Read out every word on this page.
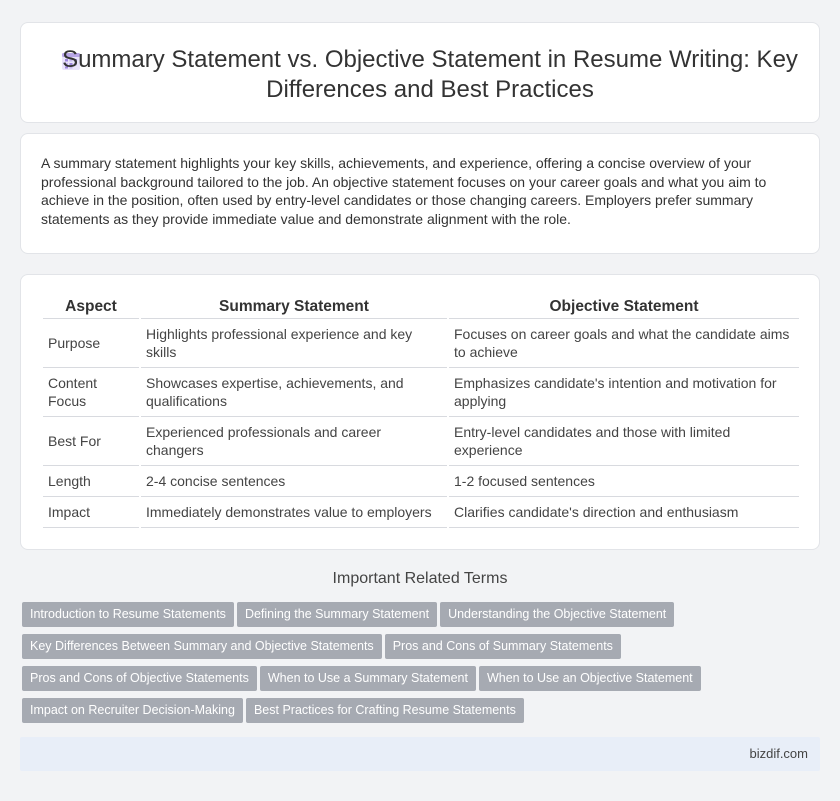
Summary Statement vs. Objective Statement in Resume Writing: Key Differences and Best Practices

A summary statement highlights your key skills, achievements, and experience, offering a concise overview of your professional background tailored to the job. An objective statement focuses on your career goals and what you aim to achieve in the position, often used by entry-level candidates or those changing careers. Employers prefer summary statements as they provide immediate value and demonstrate alignment with the role.

Aspect	Summary Statement	Objective Statement
Purpose	Highlights professional experience and key skills	Focuses on career goals and what the candidate aims to achieve
Content Focus	Showcases expertise, achievements, and qualifications	Emphasizes candidate's intention and motivation for applying
Best For	Experienced professionals and career changers	Entry-level candidates and those with limited experience
Length	2-4 concise sentences	1-2 focused sentences
Impact	Immediately demonstrates value to employers	Clarifies candidate's direction and enthusiasm
Important Related Terms
Introduction to Resume Statements Defining the Summary Statement Understanding the Objective Statement
Key Differences Between Summary and Objective Statements Pros and Cons of Summary Statements
Pros and Cons of Objective Statements When to Use a Summary Statement When to Use an Objective Statement
Impact on Recruiter Decision-Making Best Practices for Crafting Resume Statements
bizdif.com
